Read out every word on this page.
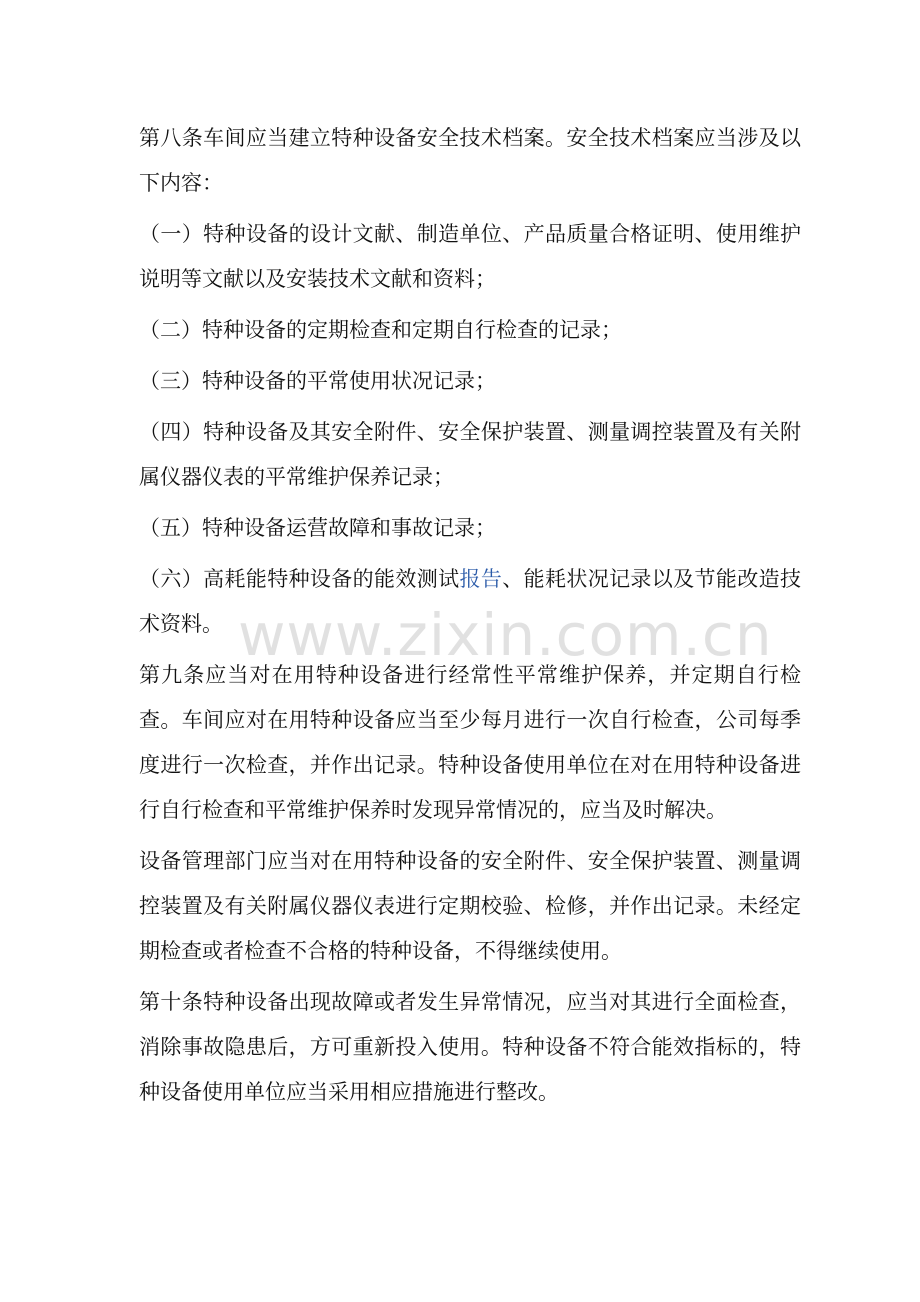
第八条车间应当建立特种设备安全技术档案。安全技术档案应当涉及以下内容：

（一）特种设备的设计文献、制造单位、产品质量合格证明、使用维护说明等文献以及安装技术文献和资料；

（二）特种设备的定期检查和定期自行检查的记录；

（三）特种设备的平常使用状况记录；

（四）特种设备及其安全附件、安全保护装置、测量调控装置及有关附属仪器仪表的平常维护保养记录；

（五）特种设备运营故障和事故记录；

（六）高耗能特种设备的能效测试报告、能耗状况记录以及节能改造技术资料。

第九条应当对在用特种设备进行经常性平常维护保养，并定期自行检查。车间应对在用特种设备应当至少每月进行一次自行检查，公司每季度进行一次检查，并作出记录。特种设备使用单位在对在用特种设备进行自行检查和平常维护保养时发现异常情况的，应当及时解决。

设备管理部门应当对在用特种设备的安全附件、安全保护装置、测量调控装置及有关附属仪器仪表进行定期校验、检修，并作出记录。未经定期检查或者检查不合格的特种设备，不得继续使用。

第十条特种设备出现故障或者发生异常情况，应当对其进行全面检查，消除事故隐患后，方可重新投入使用。特种设备不符合能效指标的，特种设备使用单位应当采用相应措施进行整改。

www.zixin.com.cn
